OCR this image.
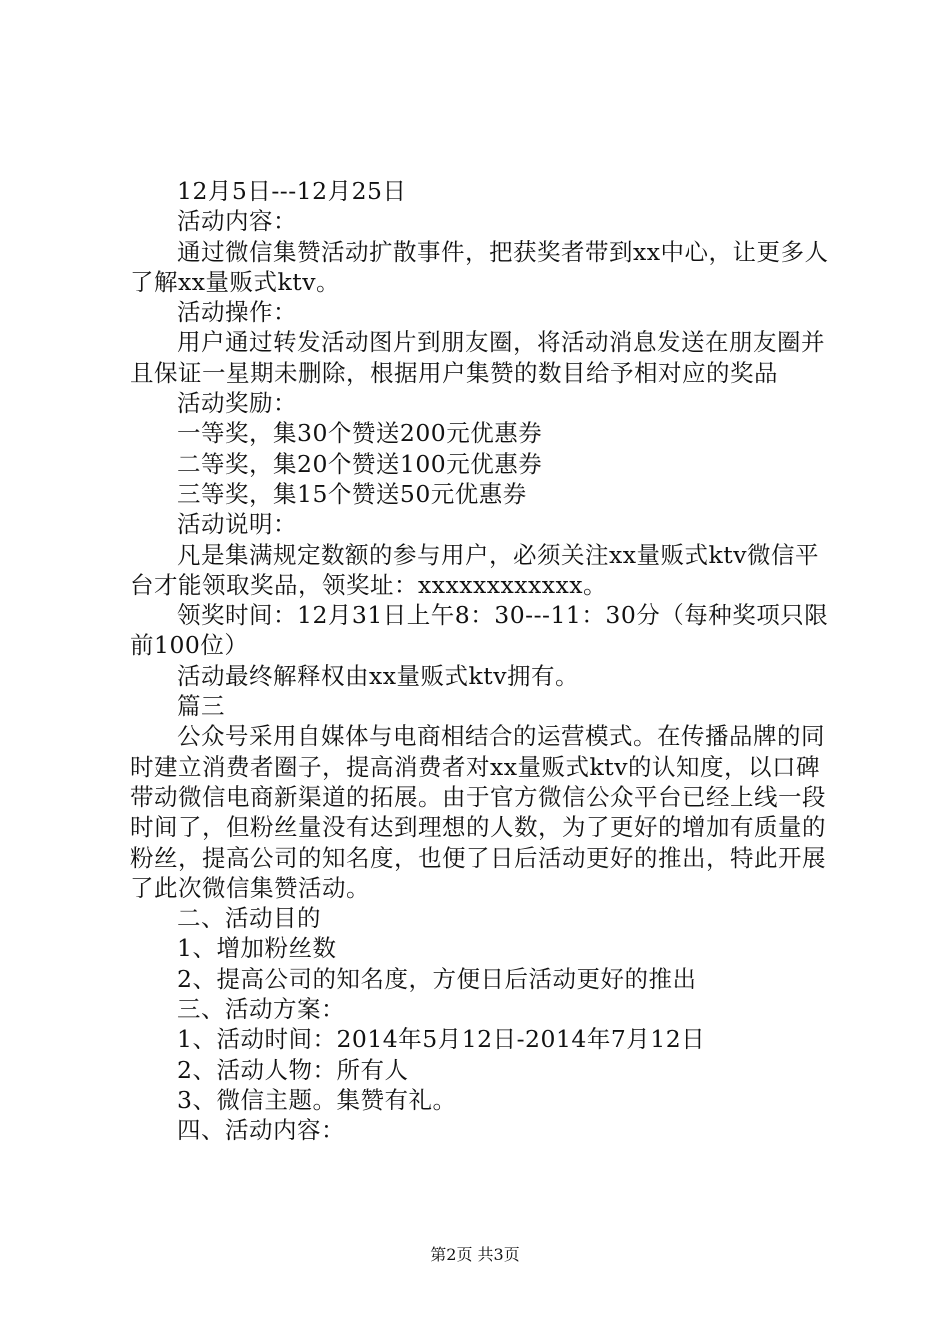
12月5日---12月25日

活动内容：

通过微信集赞活动扩散事件，把获奖者带到xx中心，让更多人了解xx量贩式ktv。

活动操作：

用户通过转发活动图片到朋友圈，将活动消息发送在朋友圈并且保证一星期未删除，根据用户集赞的数目给予相对应的奖品

活动奖励：

一等奖，集30个赞送200元优惠券

二等奖，集20个赞送100元优惠券

三等奖，集15个赞送50元优惠券

活动说明：

凡是集满规定数额的参与用户，必须关注xx量贩式ktv微信平台才能领取奖品，领奖址：xxxxxxxxxxxx。

领奖时间：12月31日上午8：30---11：30分（每种奖项只限前100位）

活动最终解释权由xx量贩式ktv拥有。

篇三

公众号采用自媒体与电商相结合的运营模式。在传播品牌的同时建立消费者圈子，提高消费者对xx量贩式ktv的认知度，以口碑带动微信电商新渠道的拓展。由于官方微信公众平台已经上线一段时间了，但粉丝量没有达到理想的人数，为了更好的增加有质量的粉丝，提高公司的知名度，也便了日后活动更好的推出，特此开展了此次微信集赞活动。

二、活动目的

1、增加粉丝数

2、提高公司的知名度，方便日后活动更好的推出

三、活动方案：

1、活动时间：2014年5月12日-2014年7月12日

2、活动人物：所有人

3、微信主题。集赞有礼。

四、活动内容：

第2页 共3页
